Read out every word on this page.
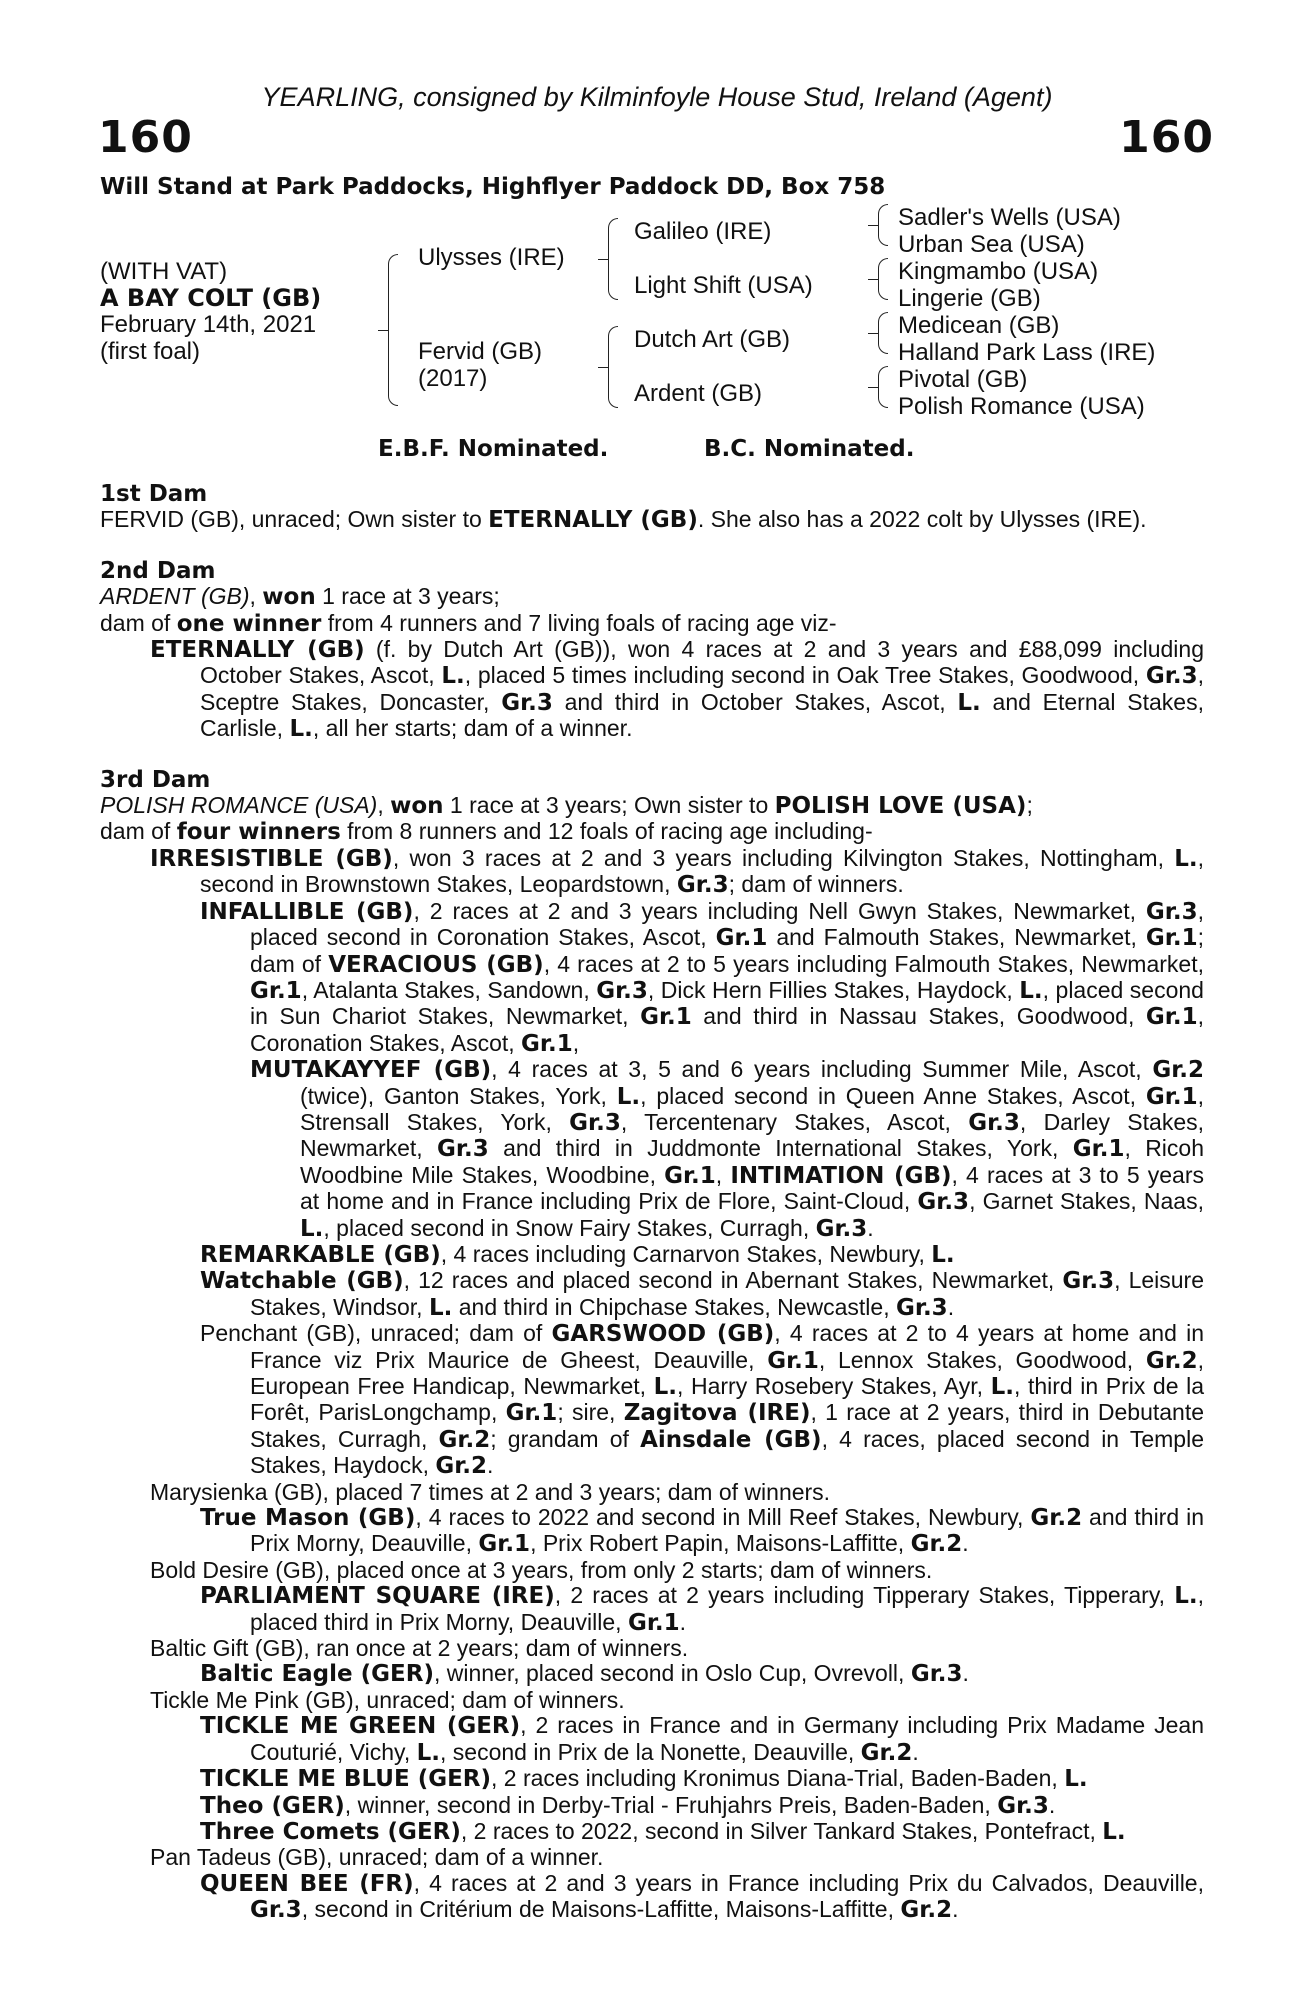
YEARLING, consigned by Kilminfoyle House Stud, Ireland (Agent)
160	160
Will Stand at Park Paddocks, Highflyer Paddock DD, Box 758
(WITH VAT)
A BAY COLT (GB)
February 14th, 2021
(first foal)
Ulysses (IRE)
Fervid (GB)
(2017)
Galileo (IRE)
Light Shift (USA)
Dutch Art (GB)
Ardent (GB)
Sadler's Wells (USA)
Urban Sea (USA)
Kingmambo (USA)
Lingerie (GB)
Medicean (GB)
Halland Park Lass (IRE)
Pivotal (GB)
Polish Romance (USA)
E.B.F. Nominated.	B.C. Nominated.

1st Dam

FERVID (GB), unraced; Own sister to ETERNALLY (GB). She also has a 2022 colt by Ulysses (IRE).

2nd Dam

ARDENT (GB), won 1 race at 3 years;

dam of one winner from 4 runners and 7 living foals of racing age viz-

ETERNALLY (GB) (f. by Dutch Art (GB)), won 4 races at 2 and 3 years and £88,099 including October Stakes, Ascot, L., placed 5 times including second in Oak Tree Stakes, Goodwood, Gr.3, Sceptre Stakes, Doncaster, Gr.3 and third in October Stakes, Ascot, L. and Eternal Stakes, Carlisle, L., all her starts; dam of a winner.

3rd Dam

POLISH ROMANCE (USA), won 1 race at 3 years; Own sister to POLISH LOVE (USA);

dam of four winners from 8 runners and 12 foals of racing age including-

IRRESISTIBLE (GB), won 3 races at 2 and 3 years including Kilvington Stakes, Nottingham, L., second in Brownstown Stakes, Leopardstown, Gr.3; dam of winners.

INFALLIBLE (GB), 2 races at 2 and 3 years including Nell Gwyn Stakes, Newmarket, Gr.3, placed second in Coronation Stakes, Ascot, Gr.1 and Falmouth Stakes, Newmarket, Gr.1; dam of VERACIOUS (GB), 4 races at 2 to 5 years including Falmouth Stakes, Newmarket, Gr.1, Atalanta Stakes, Sandown, Gr.3, Dick Hern Fillies Stakes, Haydock, L., placed second in Sun Chariot Stakes, Newmarket, Gr.1 and third in Nassau Stakes, Goodwood, Gr.1, Coronation Stakes, Ascot, Gr.1,

MUTAKAYYEF (GB), 4 races at 3, 5 and 6 years including Summer Mile, Ascot, Gr.2 (twice), Ganton Stakes, York, L., placed second in Queen Anne Stakes, Ascot, Gr.1, Strensall Stakes, York, Gr.3, Tercentenary Stakes, Ascot, Gr.3, Darley Stakes, Newmarket, Gr.3 and third in Juddmonte International Stakes, York, Gr.1, Ricoh Woodbine Mile Stakes, Woodbine, Gr.1, INTIMATION (GB), 4 races at 3 to 5 years at home and in France including Prix de Flore, Saint-Cloud, Gr.3, Garnet Stakes, Naas, L., placed second in Snow Fairy Stakes, Curragh, Gr.3.

REMARKABLE (GB), 4 races including Carnarvon Stakes, Newbury, L.

Watchable (GB), 12 races and placed second in Abernant Stakes, Newmarket, Gr.3, Leisure Stakes, Windsor, L. and third in Chipchase Stakes, Newcastle, Gr.3.

Penchant (GB), unraced; dam of GARSWOOD (GB), 4 races at 2 to 4 years at home and in France viz Prix Maurice de Gheest, Deauville, Gr.1, Lennox Stakes, Goodwood, Gr.2, European Free Handicap, Newmarket, L., Harry Rosebery Stakes, Ayr, L., third in Prix de la Forêt, ParisLongchamp, Gr.1; sire, Zagitova (IRE), 1 race at 2 years, third in Debutante Stakes, Curragh, Gr.2; grandam of Ainsdale (GB), 4 races, placed second in Temple Stakes, Haydock, Gr.2.

Marysienka (GB), placed 7 times at 2 and 3 years; dam of winners.

True Mason (GB), 4 races to 2022 and second in Mill Reef Stakes, Newbury, Gr.2 and third in Prix Morny, Deauville, Gr.1, Prix Robert Papin, Maisons-Laffitte, Gr.2.

Bold Desire (GB), placed once at 3 years, from only 2 starts; dam of winners.

PARLIAMENT SQUARE (IRE), 2 races at 2 years including Tipperary Stakes, Tipperary, L., placed third in Prix Morny, Deauville, Gr.1.

Baltic Gift (GB), ran once at 2 years; dam of winners.

Baltic Eagle (GER), winner, placed second in Oslo Cup, Ovrevoll, Gr.3.

Tickle Me Pink (GB), unraced; dam of winners.

TICKLE ME GREEN (GER), 2 races in France and in Germany including Prix Madame Jean Couturié, Vichy, L., second in Prix de la Nonette, Deauville, Gr.2.

TICKLE ME BLUE (GER), 2 races including Kronimus Diana-Trial, Baden-Baden, L.

Theo (GER), winner, second in Derby-Trial - Fruhjahrs Preis, Baden-Baden, Gr.3.

Three Comets (GER), 2 races to 2022, second in Silver Tankard Stakes, Pontefract, L.

Pan Tadeus (GB), unraced; dam of a winner.

QUEEN BEE (FR), 4 races at 2 and 3 years in France including Prix du Calvados, Deauville, Gr.3, second in Critérium de Maisons-Laffitte, Maisons-Laffitte, Gr.2.
